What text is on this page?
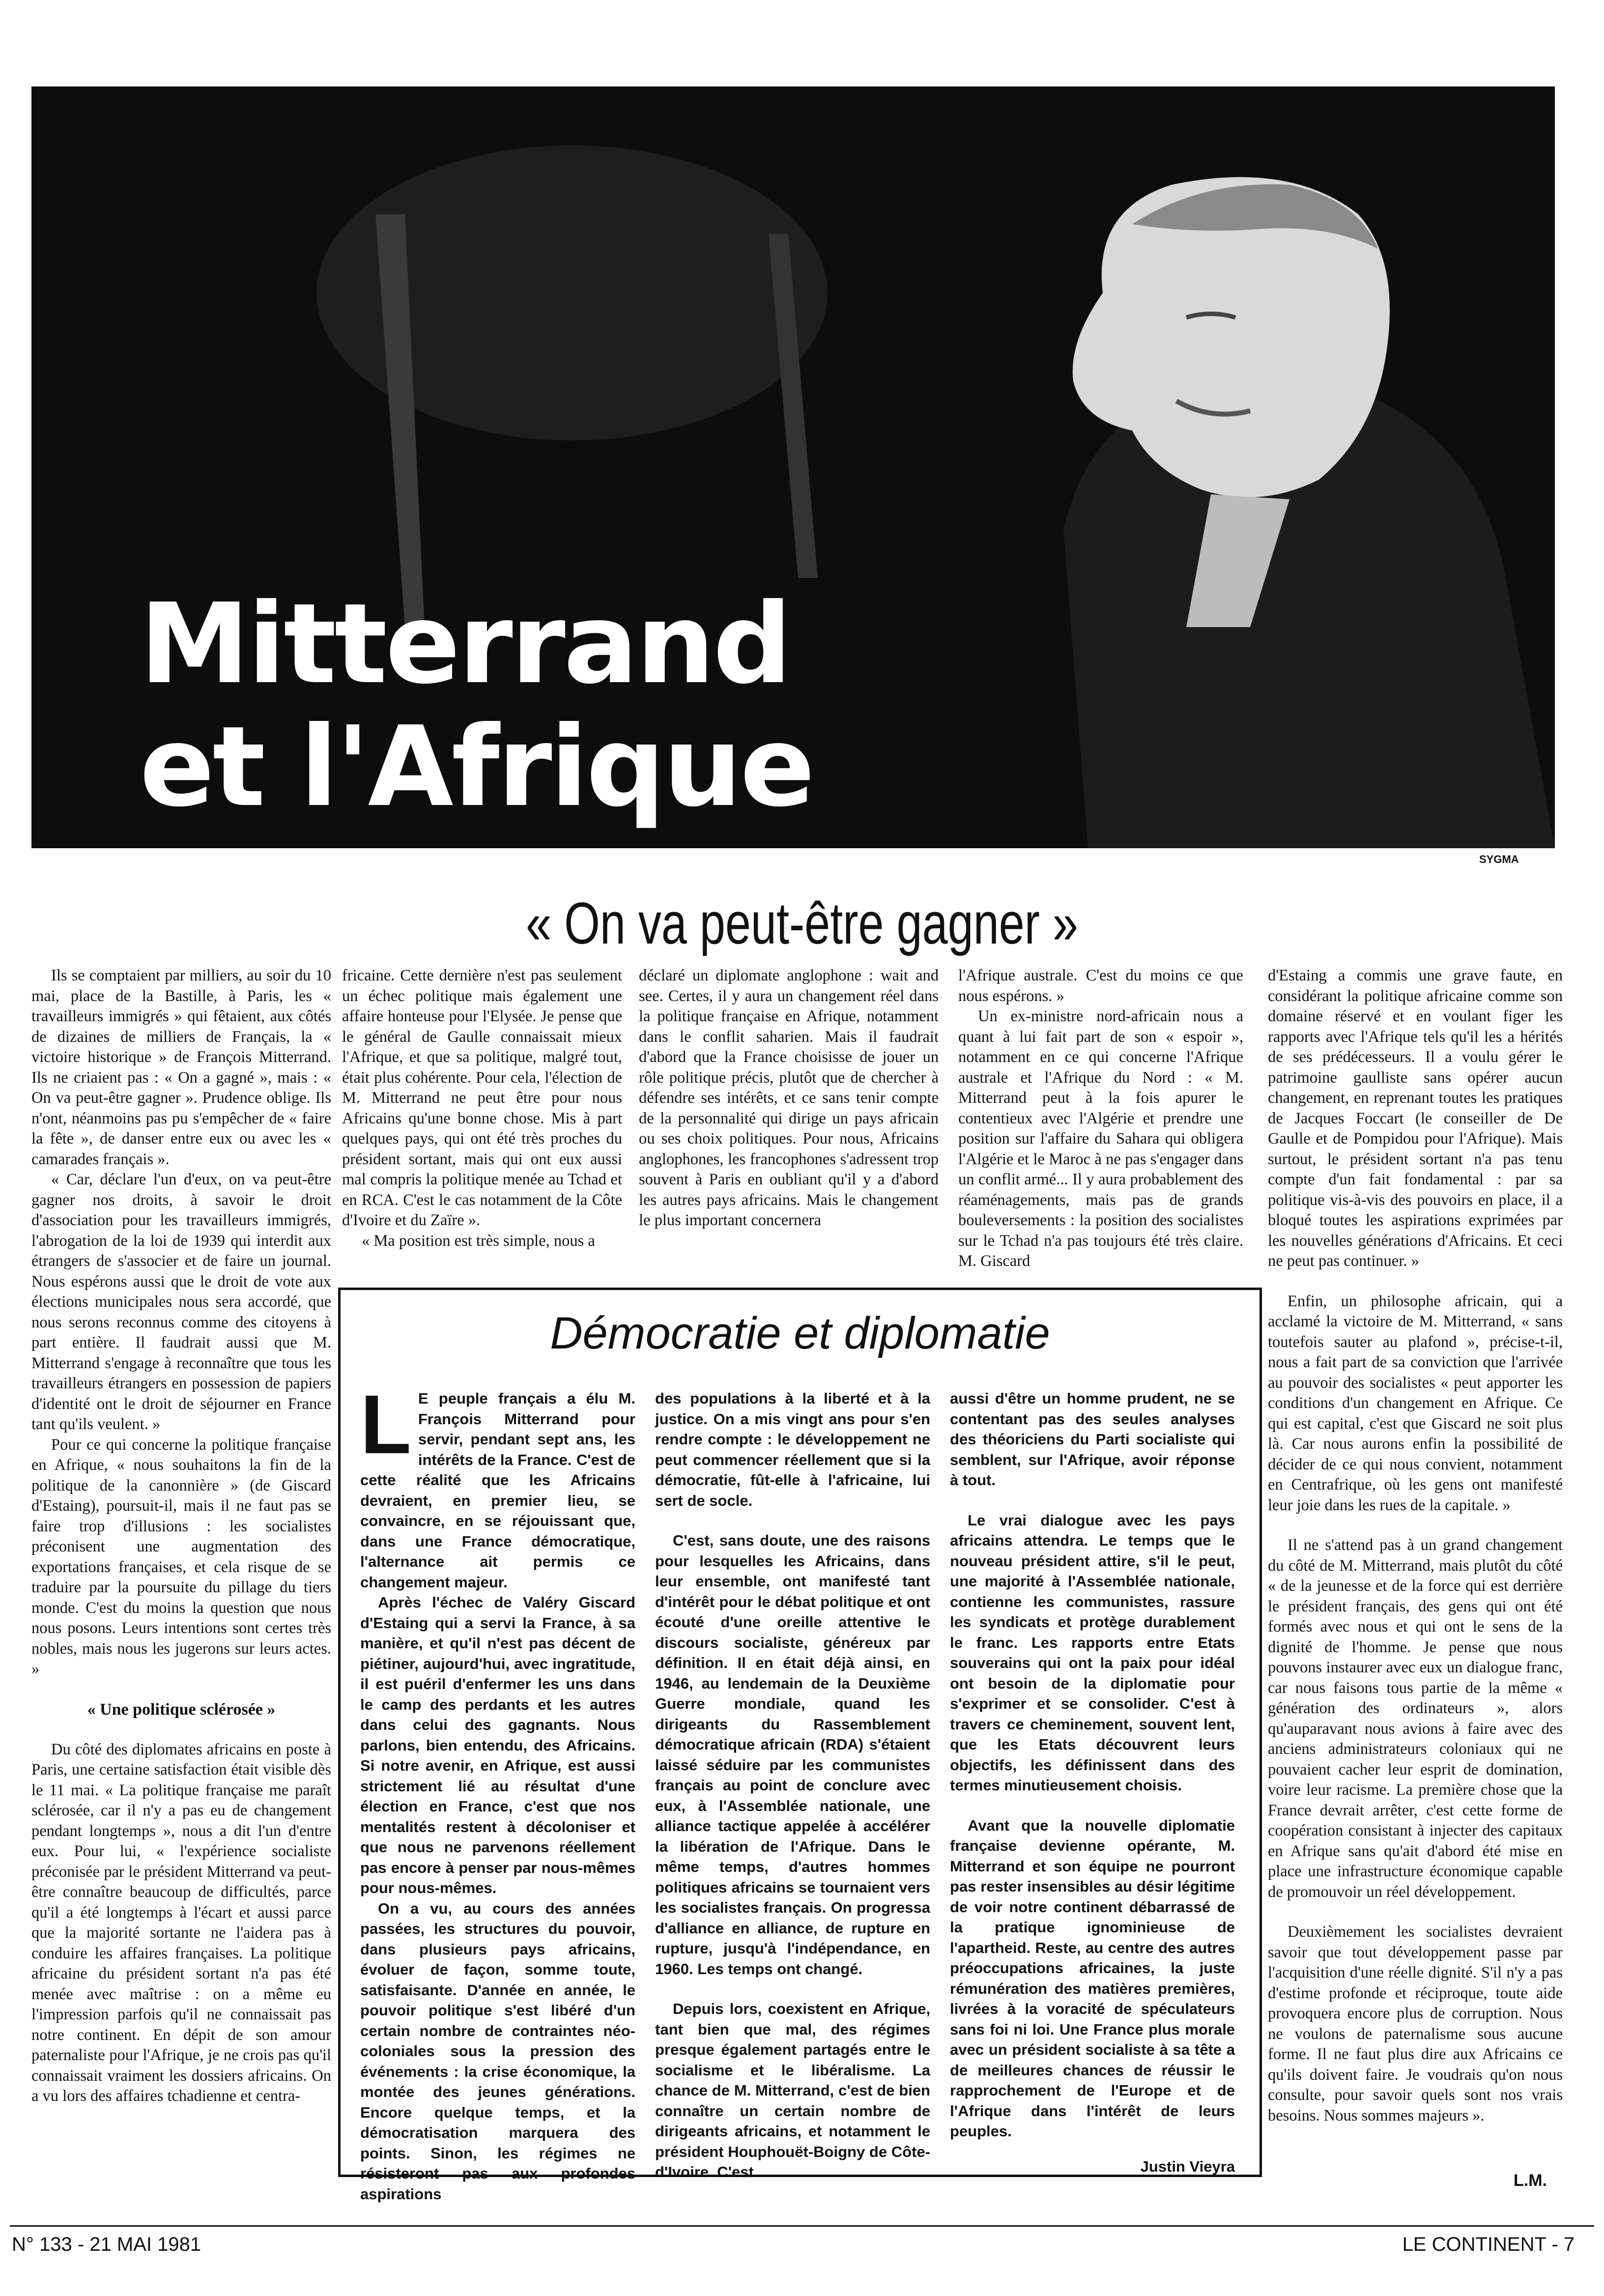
Mitterrand
et l'Afrique
SYGMA
« On va peut-être gagner »

Ils se comptaient par milliers, au soir du 10 mai, place de la Bastille, à Paris, les « travailleurs immigrés » qui fêtaient, aux côtés de dizaines de milliers de Français, la « victoire historique » de François Mitterrand. Ils ne criaient pas : « On a gagné », mais : « On va peut-être gagner ». Prudence oblige. Ils n'ont, néanmoins pas pu s'empêcher de « faire la fête », de danser entre eux ou avec les « camarades français ».

« Car, déclare l'un d'eux, on va peut-être gagner nos droits, à savoir le droit d'association pour les travailleurs immigrés, l'abrogation de la loi de 1939 qui interdit aux étrangers de s'associer et de faire un journal. Nous espérons aussi que le droit de vote aux élections municipales nous sera accordé, que nous serons reconnus comme des citoyens à part entière. Il faudrait aussi que M. Mitterrand s'engage à reconnaître que tous les travailleurs étrangers en possession de papiers d'identité ont le droit de séjourner en France tant qu'ils veulent. »

Pour ce qui concerne la politique française en Afrique, « nous souhaitons la fin de la politique de la canonnière » (de Giscard d'Estaing), poursuit-il, mais il ne faut pas se faire trop d'illusions : les socialistes préconisent une augmentation des exportations françaises, et cela risque de se traduire par la poursuite du pillage du tiers monde. C'est du moins la question que nous nous posons. Leurs intentions sont certes très nobles, mais nous les jugerons sur leurs actes. »

« Une politique sclérosée »

Du côté des diplomates africains en poste à Paris, une certaine satisfaction était visible dès le 11 mai. « La politique française me paraît sclérosée, car il n'y a pas eu de changement pendant longtemps », nous a dit l'un d'entre eux. Pour lui, « l'expérience socialiste préconisée par le président Mitterrand va peut-être connaître beaucoup de difficultés, parce qu'il a été longtemps à l'écart et aussi parce que la majorité sortante ne l'aidera pas à conduire les affaires françaises. La politique africaine du président sortant n'a pas été menée avec maîtrise : on a même eu l'impression parfois qu'il ne connaissait pas notre continent. En dépit de son amour paternaliste pour l'Afrique, je ne crois pas qu'il connaissait vraiment les dossiers africains. On a vu lors des affaires tchadienne et centra-

fricaine. Cette dernière n'est pas seulement un échec politique mais également une affaire honteuse pour l'Elysée. Je pense que le général de Gaulle connaissait mieux l'Afrique, et que sa politique, malgré tout, était plus cohérente. Pour cela, l'élection de M. Mitterrand ne peut être pour nous Africains qu'une bonne chose. Mis à part quelques pays, qui ont été très proches du président sortant, mais qui ont eux aussi mal compris la politique menée au Tchad et en RCA. C'est le cas notamment de la Côte d'Ivoire et du Zaïre ».

« Ma position est très simple, nous a

déclaré un diplomate anglophone : wait and see. Certes, il y aura un changement réel dans la politique française en Afrique, notamment dans le conflit saharien. Mais il faudrait d'abord que la France choisisse de jouer un rôle politique précis, plutôt que de chercher à défendre ses intérêts, et ce sans tenir compte de la personnalité qui dirige un pays africain ou ses choix politiques. Pour nous, Africains anglophones, les francophones s'adressent trop souvent à Paris en oubliant qu'il y a d'abord les autres pays africains. Mais le changement le plus important concernera

l'Afrique australe. C'est du moins ce que nous espérons. »

Un ex-ministre nord-africain nous a quant à lui fait part de son « espoir », notamment en ce qui concerne l'Afrique australe et l'Afrique du Nord : « M. Mitterrand peut à la fois apurer le contentieux avec l'Algérie et prendre une position sur l'affaire du Sahara qui obligera l'Algérie et le Maroc à ne pas s'engager dans un conflit armé... Il y aura probablement des réaménagements, mais pas de grands bouleversements : la position des socialistes sur le Tchad n'a pas toujours été très claire. M. Giscard

d'Estaing a commis une grave faute, en considérant la politique africaine comme son domaine réservé et en voulant figer les rapports avec l'Afrique tels qu'il les a hérités de ses prédécesseurs. Il a voulu gérer le patrimoine gaulliste sans opérer aucun changement, en reprenant toutes les pratiques de Jacques Foccart (le conseiller de De Gaulle et de Pompidou pour l'Afrique). Mais surtout, le président sortant n'a pas tenu compte d'un fait fondamental : par sa politique vis-à-vis des pouvoirs en place, il a bloqué toutes les aspirations exprimées par les nouvelles générations d'Africains. Et ceci ne peut pas continuer. »

Enfin, un philosophe africain, qui a acclamé la victoire de M. Mitterrand, « sans toutefois sauter au plafond », précise-t-il, nous a fait part de sa conviction que l'arrivée au pouvoir des socialistes « peut apporter les conditions d'un changement en Afrique. Ce qui est capital, c'est que Giscard ne soit plus là. Car nous aurons enfin la possibilité de décider de ce qui nous convient, notamment en Centrafrique, où les gens ont manifesté leur joie dans les rues de la capitale. »

Il ne s'attend pas à un grand changement du côté de M. Mitterrand, mais plutôt du côté « de la jeunesse et de la force qui est derrière le président français, des gens qui ont été formés avec nous et qui ont le sens de la dignité de l'homme. Je pense que nous pouvons instaurer avec eux un dialogue franc, car nous faisons tous partie de la même « génération des ordinateurs », alors qu'auparavant nous avions à faire avec des anciens administrateurs coloniaux qui ne pouvaient cacher leur esprit de domination, voire leur racisme. La première chose que la France devrait arrêter, c'est cette forme de coopération consistant à injecter des capitaux en Afrique sans qu'ait d'abord été mise en place une infrastructure économique capable de promouvoir un réel développement.

Deuxièmement les socialistes devraient savoir que tout développement passe par l'acquisition d'une réelle dignité. S'il n'y a pas d'estime profonde et réciproque, toute aide provoquera encore plus de corruption. Nous ne voulons de paternalisme sous aucune forme. Il ne faut plus dire aux Africains ce qu'ils doivent faire. Je voudrais qu'on nous consulte, pour savoir quels sont nos vrais besoins. Nous sommes majeurs ».

Démocratie et diplomatie

L E peuple français a élu M. François Mitterrand pour servir, pendant sept ans, les intérêts de la France. C'est de cette réalité que les Africains devraient, en premier lieu, se convaincre, en se réjouissant que, dans une France démocratique, l'alternance ait permis ce changement majeur.

Après l'échec de Valéry Giscard d'Estaing qui a servi la France, à sa manière, et qu'il n'est pas décent de piétiner, aujourd'hui, avec ingratitude, il est puéril d'enfermer les uns dans le camp des perdants et les autres dans celui des gagnants. Nous parlons, bien entendu, des Africains. Si notre avenir, en Afrique, est aussi strictement lié au résultat d'une élection en France, c'est que nos mentalités restent à décoloniser et que nous ne parvenons réellement pas encore à penser par nous-mêmes pour nous-mêmes.

On a vu, au cours des années passées, les structures du pouvoir, dans plusieurs pays africains, évoluer de façon, somme toute, satisfaisante. D'année en année, le pouvoir politique s'est libéré d'un certain nombre de contraintes néo-coloniales sous la pression des événements : la crise économique, la montée des jeunes générations. Encore quelque temps, et la démocratisation marquera des points. Sinon, les régimes ne résisteront pas aux profondes aspirations

des populations à la liberté et à la justice. On a mis vingt ans pour s'en rendre compte : le développement ne peut commencer réellement que si la démocratie, fût-elle à l'africaine, lui sert de socle.

C'est, sans doute, une des raisons pour lesquelles les Africains, dans leur ensemble, ont manifesté tant d'intérêt pour le débat politique et ont écouté d'une oreille attentive le discours socialiste, généreux par définition. Il en était déjà ainsi, en 1946, au lendemain de la Deuxième Guerre mondiale, quand les dirigeants du Rassemblement démocratique africain (RDA) s'étaient laissé séduire par les communistes français au point de conclure avec eux, à l'Assemblée nationale, une alliance tactique appelée à accélérer la libération de l'Afrique. Dans le même temps, d'autres hommes politiques africains se tournaient vers les socialistes français. On progressa d'alliance en alliance, de rupture en rupture, jusqu'à l'indépendance, en 1960. Les temps ont changé.

Depuis lors, coexistent en Afrique, tant bien que mal, des régimes presque également partagés entre le socialisme et le libéralisme. La chance de M. Mitterrand, c'est de bien connaître un certain nombre de dirigeants africains, et notamment le président Houphouët-Boigny de Côte-d'Ivoire. C'est

aussi d'être un homme prudent, ne se contentant pas des seules analyses des théoriciens du Parti socialiste qui semblent, sur l'Afrique, avoir réponse à tout.

Le vrai dialogue avec les pays africains attendra. Le temps que le nouveau président attire, s'il le peut, une majorité à l'Assemblée nationale, contienne les communistes, rassure les syndicats et protège durablement le franc. Les rapports entre Etats souverains qui ont la paix pour idéal ont besoin de la diplomatie pour s'exprimer et se consolider. C'est à travers ce cheminement, souvent lent, que les Etats découvrent leurs objectifs, les définissent dans des termes minutieusement choisis.

Avant que la nouvelle diplomatie française devienne opérante, M. Mitterrand et son équipe ne pourront pas rester insensibles au désir légitime de voir notre continent débarrassé de la pratique ignominieuse de l'apartheid. Reste, au centre des autres préoccupations africaines, la juste rémunération des matières premières, livrées à la voracité de spéculateurs sans foi ni loi. Une France plus morale avec un président socialiste à sa tête a de meilleures chances de réussir le rapprochement de l'Europe et de l'Afrique dans l'intérêt de leurs peuples.

Justin Vieyra
L.M.
N° 133 - 21 MAI 1981	LE CONTINENT - 7
